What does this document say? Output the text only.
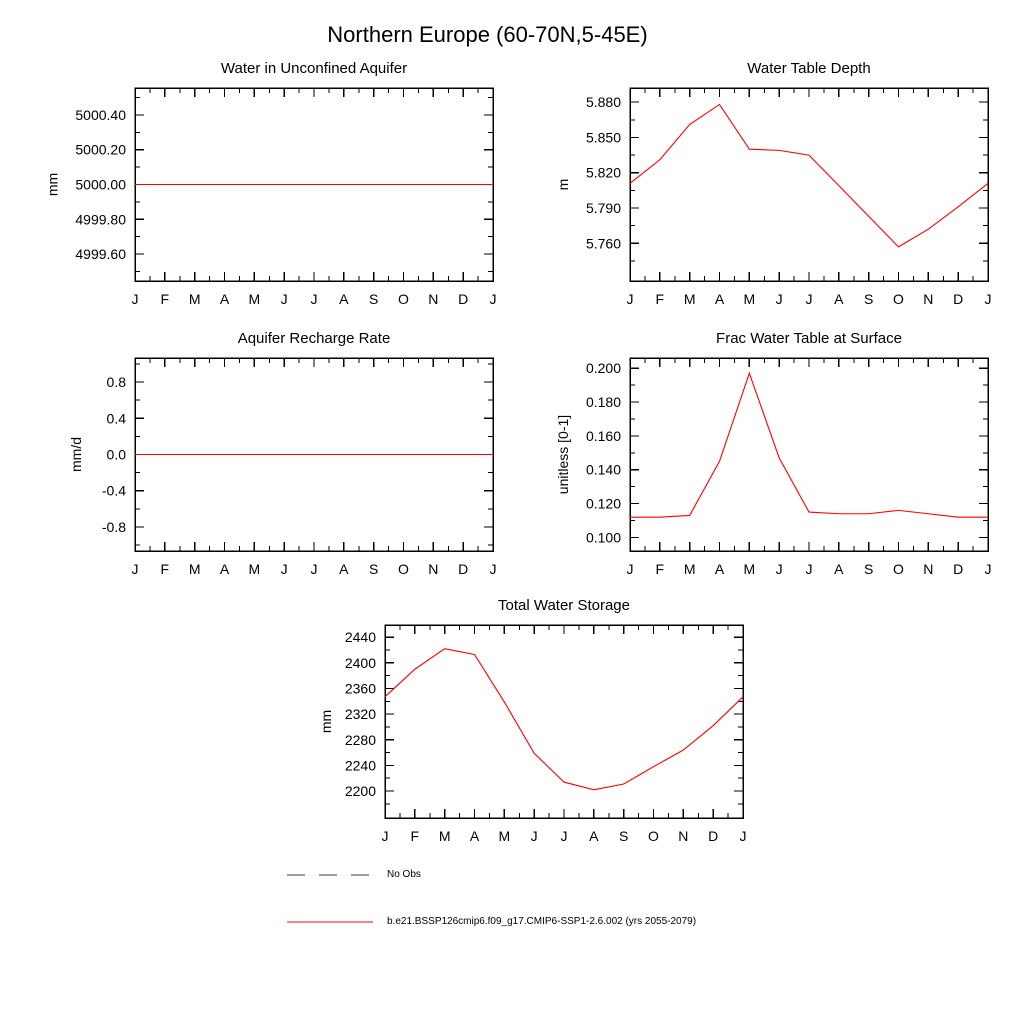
Northern Europe (60-70N,5-45E)
Water in Unconfined Aquifer
J F M A M J J A S O N D J
4999.60
4999.80
5000.00
5000.20
5000.40
mm
Water Table Depth
J F M A M J J A S O N D J
5.760
5.790
5.820
5.850
5.880
m
Aquifer Recharge Rate
J F M A M J J A S O N D J
-0.8
-0.4
0.0
0.4
0.8
mm/d
Frac Water Table at Surface
J F M A M J J A S O N D J
0.100
0.120
0.140
0.160
0.180
0.200
unitless [0-1]
Total Water Storage
J F M A M J J A S O N D J
2200
2240
2280
2320
2360
2400
2440
mm
No Obs
b.e21.BSSP126cmip6.f09_g17.CMIP6-SSP1-2.6.002 (yrs 2055-2079)
